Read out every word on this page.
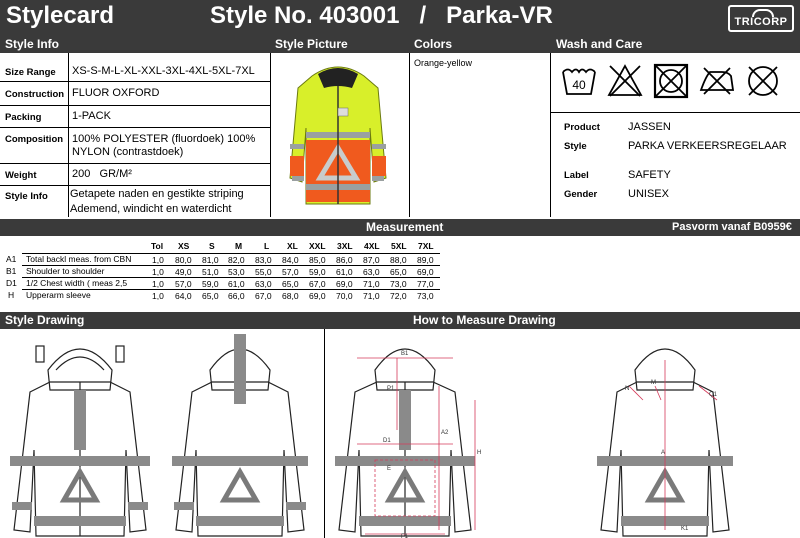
Stylecard	Style No. 403001   /   Parka-VR	TRICORP
Style Info	Style Picture	Colors	Wash and Care
Size Range XS-S-M-L-XL-XXL-3XL-4XL-5XL-7XL
Construction FLUOR OXFORD
Packing	1-PACK
Composition 100% POLYESTER (fluordoek) 100% NYLON (contrastdoek)
Weight	200   GR/M²
Style Info Getapete naden en gestikte striping
Ademend, windicht en waterdicht
Orange-yellow
40
Product	JASSEN
Style	PARKA VERKEERSREGELAAR
Label	SAFETY
Gender	UNISEX
Measurement	Pasvorm vanaf B0959€
Tol XS S M	L XL XXL 3XL 4XL 5XL 7XL
A1 Total backl meas. from CBN 1,0 80,0 81,0 82,0 83,0 84,0 85,0 86,0 87,0 88,0 89,0
B1 Shoulder to shoulder	1,0 49,0 51,0 53,0 55,0 57,0 59,0 61,0 63,0 65,0 69,0
D1 1/2 Chest width ( meas 2,5	1,0 57,0 59,0 61,0 63,0 65,0 67,0 69,0 71,0 73,0 77,0
H Upperarm sleeve	1,0 64,0 65,0 66,0 67,0 68,0 69,0 70,0 71,0 72,0 73,0
Style Drawing	How to Measure Drawing
B1
P1
A2
D1
E
H
F1
N
M
Q1
A
K1
